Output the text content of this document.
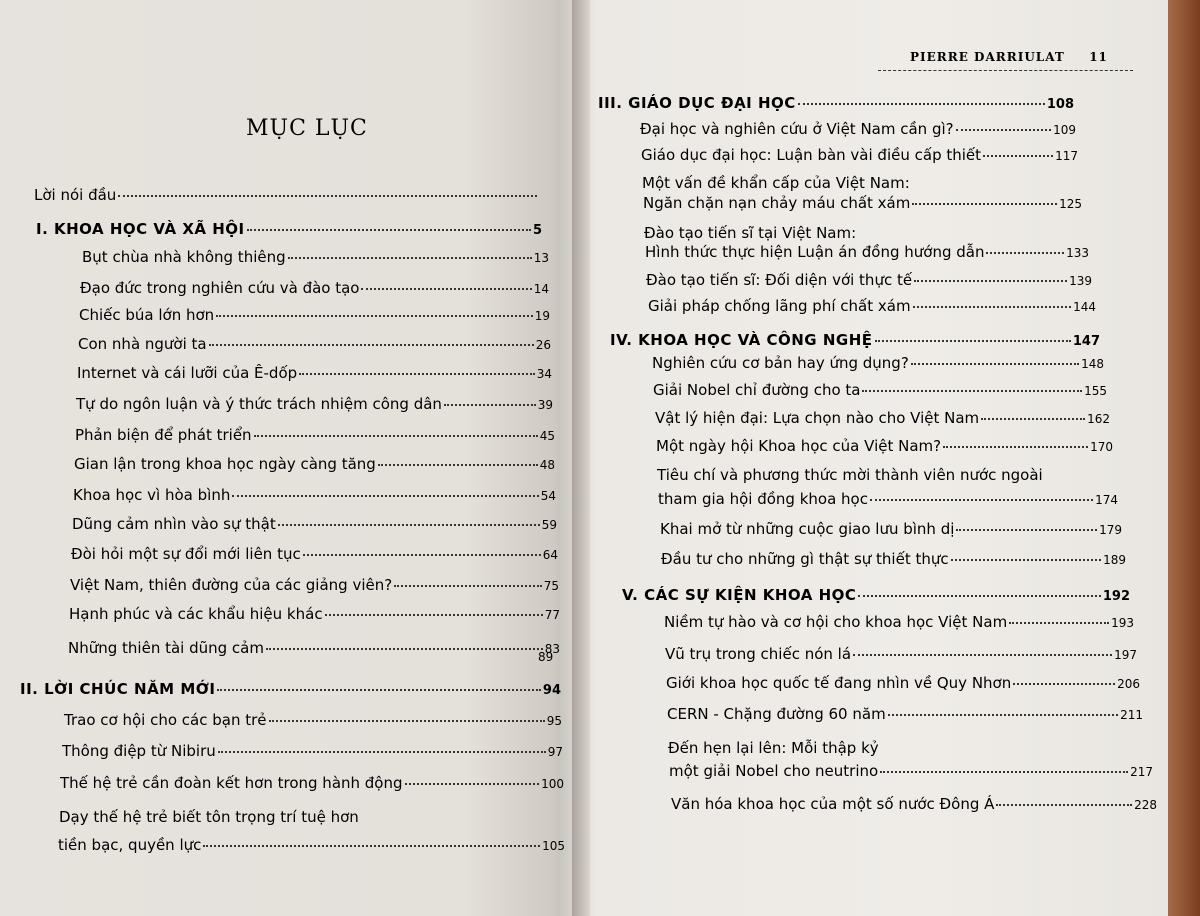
PIERRE DARRIULAT 11
MỤC LỤC
Lời nói đầu
I. KHOA HỌC VÀ XÃ HỘI	5
Bụt chùa nhà không thiêng	13
Đạo đức trong nghiên cứu và đào tạo	14
Chiếc búa lớn hơn	19
Con nhà người ta	26
Internet và cái lưỡi của Ê-dốp	34
Tự do ngôn luận và ý thức trách nhiệm công dân	39
Phản biện để phát triển	45
Gian lận trong khoa học ngày càng tăng	48
Khoa học vì hòa bình	54
Dũng cảm nhìn vào sự thật	59
Đòi hỏi một sự đổi mới liên tục	64
Việt Nam, thiên đường của các giảng viên?	75
Hạnh phúc và các khẩu hiệu khác	77
Những thiên tài dũng cảm	83
II. LỜI CHÚC NĂM MỚI	94
Trao cơ hội cho các bạn trẻ	95
Thông điệp từ Nibiru	97
Thế hệ trẻ cần đoàn kết hơn trong hành động	100
Dạy thế hệ trẻ biết tôn trọng trí tuệ hơn
tiền bạc, quyền lực	105
89
III. GIÁO DỤC ĐẠI HỌC	108
Đại học và nghiên cứu ở Việt Nam cần gì?	109
Giáo dục đại học: Luận bàn vài điều cấp thiết	117
Một vấn đề khẩn cấp của Việt Nam:
Ngăn chặn nạn chảy máu chất xám	125
Đào tạo tiến sĩ tại Việt Nam:
Hình thức thực hiện Luận án đồng hướng dẫn	133
Đào tạo tiến sĩ: Đối diện với thực tế	139
Giải pháp chống lãng phí chất xám	144
IV. KHOA HỌC VÀ CÔNG NGHỆ	147
Nghiên cứu cơ bản hay ứng dụng?	148
Giải Nobel chỉ đường cho ta	155
Vật lý hiện đại: Lựa chọn nào cho Việt Nam	162
Một ngày hội Khoa học của Việt Nam?	170
Tiêu chí và phương thức mời thành viên nước ngoài
tham gia hội đồng khoa học	174
Khai mở từ những cuộc giao lưu bình dị	179
Đầu tư cho những gì thật sự thiết thực	189
V. CÁC SỰ KIỆN KHOA HỌC	192
Niềm tự hào và cơ hội cho khoa học Việt Nam	193
Vũ trụ trong chiếc nón lá	197
Giới khoa học quốc tế đang nhìn về Quy Nhơn	206
CERN - Chặng đường 60 năm	211
Đến hẹn lại lên: Mỗi thập kỷ
một giải Nobel cho neutrino	217
Văn hóa khoa học của một số nước Đông Á	228
